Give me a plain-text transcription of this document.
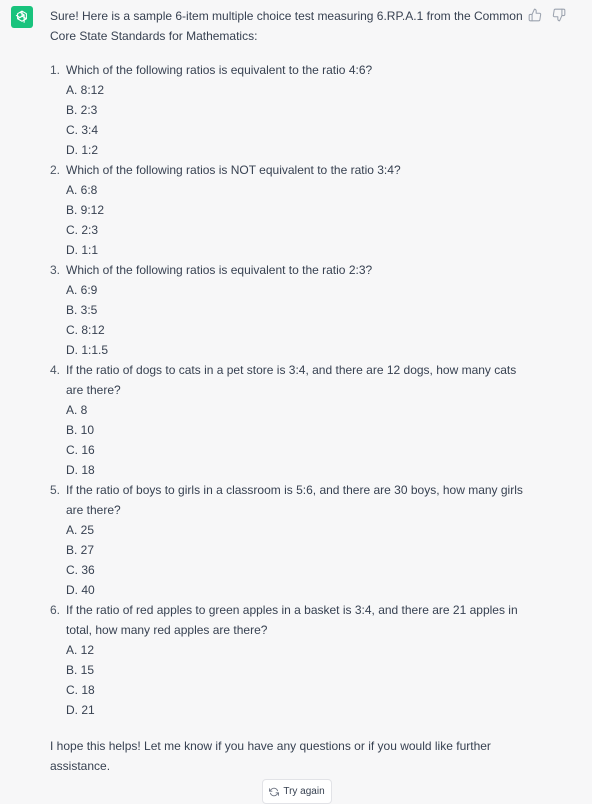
Sure! Here is a sample 6-item multiple choice test measuring 6.RP.A.1 from the Common Core State Standards for Mathematics:

1. Which of the following ratios is equivalent to the ratio 4:6?
A. 8:12
B. 2:3
C. 3:4
D. 1:2
2. Which of the following ratios is NOT equivalent to the ratio 3:4?
A. 6:8
B. 9:12
C. 2:3
D. 1:1
3. Which of the following ratios is equivalent to the ratio 2:3?
A. 6:9
B. 3:5
C. 8:12
D. 1:1.5
4. If the ratio of dogs to cats in a pet store is 3:4, and there are 12 dogs, how many cats are there?
A. 8
B. 10
C. 16
D. 18
5. If the ratio of boys to girls in a classroom is 5:6, and there are 30 boys, how many girls are there?
A. 25
B. 27
C. 36
D. 40
6. If the ratio of red apples to green apples in a basket is 3:4, and there are 21 apples in total, how many red apples are there?
A. 12
B. 15
C. 18
D. 21

I hope this helps! Let me know if you have any questions or if you would like further assistance.

Try again
